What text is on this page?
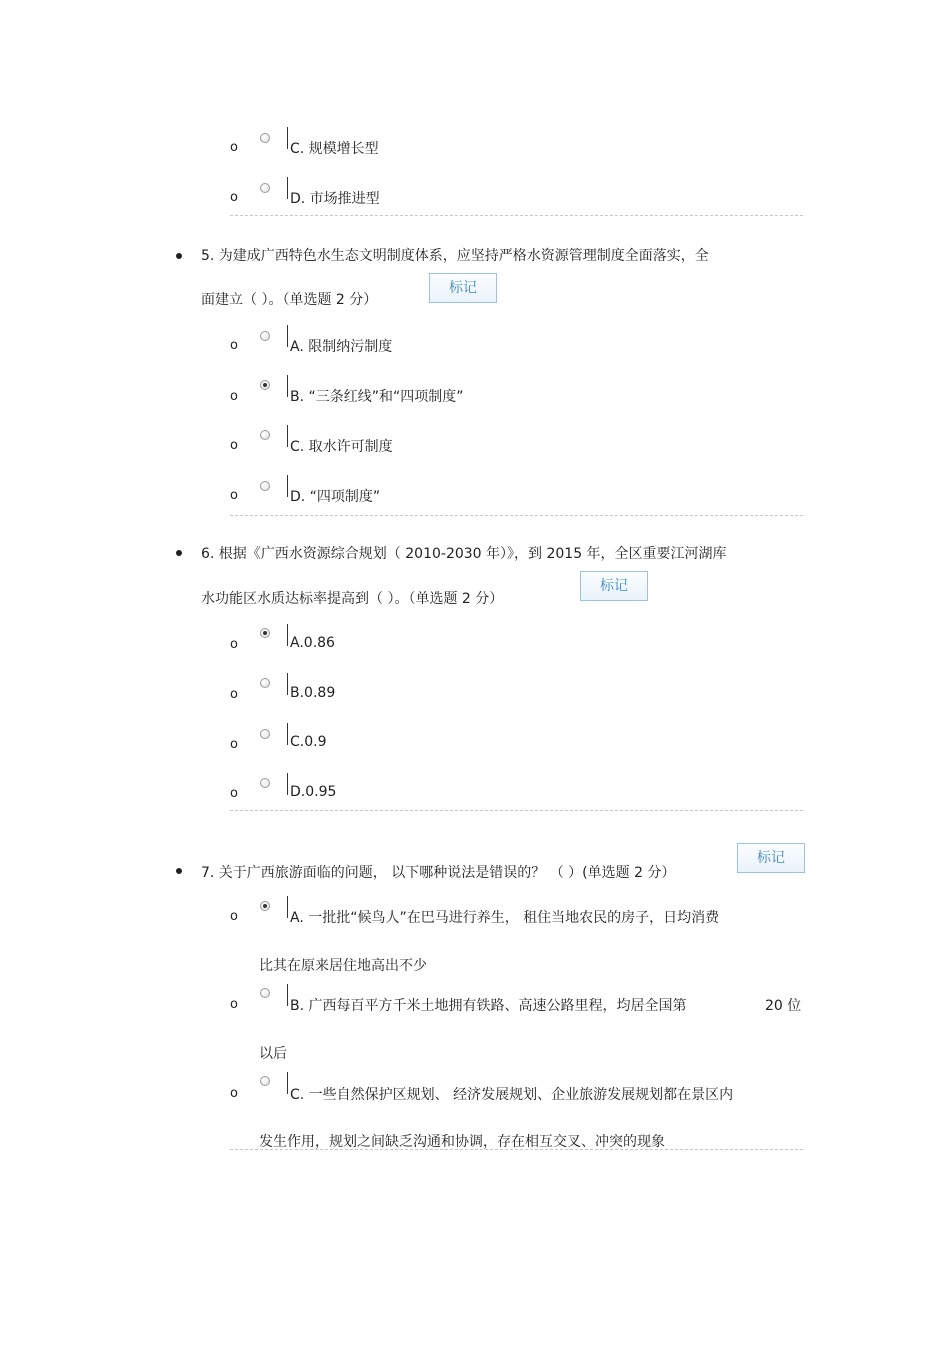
o	C. 规模增长型
o	D. 市场推进型
5. 为建成广西特色水生态文明制度体系，应坚持严格水资源管理制度全面落实，全
面建立（ ）。（单选题 2 分）
标记
o	A. 限制纳污制度
o	B. “三条红线”和“四项制度”
o	C. 取水许可制度
o	D. “四项制度”
6. 根据《广西水资源综合规划（ 2010-2030 年）》，到 2015 年，全区重要江河湖库
水功能区水质达标率提高到（ ）。（单选题 2 分）
标记
o	A.0.86
o	B.0.89
o	C.0.9
o	D.0.95
7. 关于广西旅游面临的问题， 以下哪种说法是错误的？ （ ）(单选题 2 分）
标记
o	A. 一批批“候鸟人”在巴马进行养生， 租住当地农民的房子，日均消费
比其在原来居住地高出不少
o	B. 广西每百平方千米土地拥有铁路、高速公路里程，均居全国第	20 位
以后
o	C. 一些自然保护区规划、 经济发展规划、企业旅游发展规划都在景区内
发生作用，规划之间缺乏沟通和协调，存在相互交叉、冲突的现象
